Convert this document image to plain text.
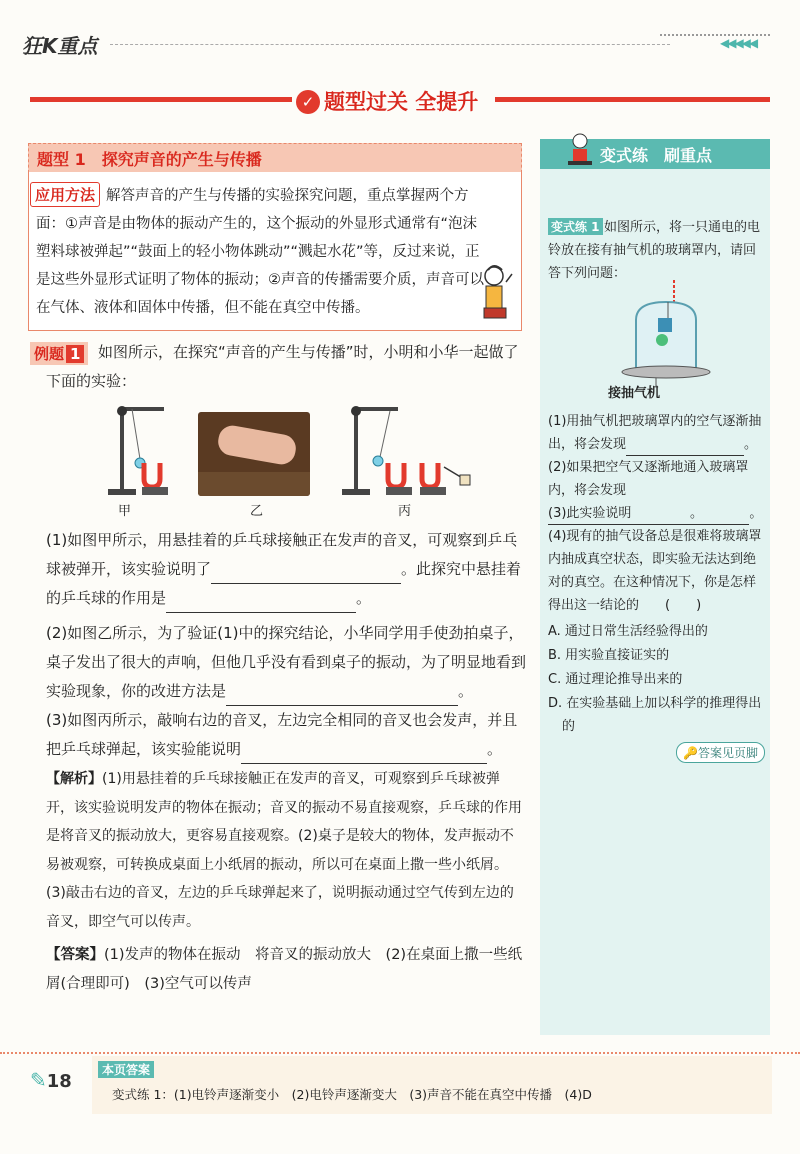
狂K重点	◀◀◀◀◀
✓ 题型过关 全提升
题型 1　探究声音的产生与传播
解答声音的产生与传播的实验探究问题，重点掌握两个方面：①声音是由物体的振动产生的，这个振动的外显形式通常有“泡沫塑料球被弹起”“鼓面上的轻小物体跳动”“溅起水花”等，反过来说，正是这些外显形式证明了物体的振动；②声音的传播需要介质，声音可以在气体、液体和固体中传播，但不能在真空中传播。
应用方法
例题 1	如图所示，在探究“声音的产生与传播”时，小明和小华一起做了下面的实验：
甲	乙	丙
(1)如图甲所示，用悬挂着的乒乓球接触正在发声的音叉，可观察到乒乓球被弹开，该实验说明了	。此探究中悬挂着的乒乓球的作用是	。
(2)如图乙所示，为了验证(1)中的探究结论，小华同学用手使劲拍桌子，桌子发出了很大的声响，但他几乎没有看到桌子的振动，为了明显地看到实验现象，你的改进方法是	。
(3)如图丙所示，敲响右边的音叉，左边完全相同的音叉也会发声，并且把乒乓球弹起，该实验能说明	。
【解析】(1)用悬挂着的乒乓球接触正在发声的音叉，可观察到乒乓球被弹开，该实验说明发声的物体在振动；音叉的振动不易直接观察，乒乓球的作用是将音叉的振动放大，更容易直接观察。(2)桌子是较大的物体，发声振动不易被观察，可转换成桌面上小纸屑的振动，所以可在桌面上撒一些小纸屑。(3)敲击右边的音叉，左边的乒乓球弹起来了，说明振动通过空气传到左边的音叉，即空气可以传声。
【答案】(1)发声的物体在振动　将音叉的振动放大　(2)在桌面上撒一些纸屑(合理即可)　(3)空气可以传声
变式练　刷重点
变式练 1 如图所示，将一只通电的电铃放在接有抽气机的玻璃罩内，请回答下列问题：
接抽气机
(1)用抽气机把玻璃罩内的空气逐渐抽出，将会发现	。
(2)如果把空气又逐渐地通入玻璃罩内，将会发现。
(3)此实验说明	。
(4)现有的抽气设备总是很难将玻璃罩内抽成真空状态，即实验无法达到绝对的真空。在这种情况下，你是怎样得出这一结论的　　 (　　)
A. 通过日常生活经验得出的
B. 用实验直接证实的
C. 通过理论推导出来的
D. 在实验基础上加以科学的推理得出的
🔑答案见页脚
✎18
本页答案
变式练 1：(1)电铃声逐渐变小　(2)电铃声逐渐变大　(3)声音不能在真空中传播　(4)D
